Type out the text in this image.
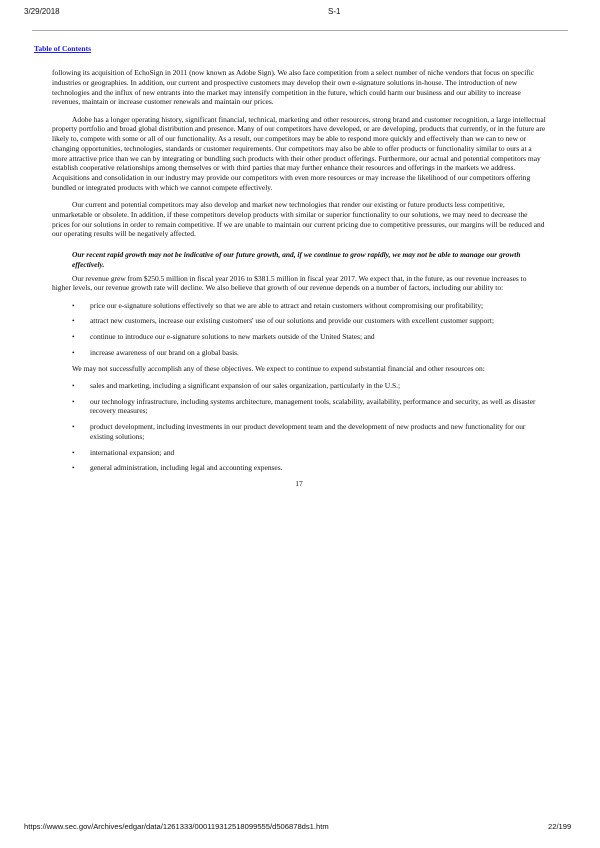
3/29/2018	S-1
Table of Contents

following its acquisition of EchoSign in 2011 (now known as Adobe Sign). We also face competition from a select number of niche vendors that focus on specific industries or geographies. In addition, our current and prospective customers may develop their own e-signature solutions in-house. The introduction of new technologies and the influx of new entrants into the market may intensify competition in the future, which could harm our business and our ability to increase revenues, maintain or increase customer renewals and maintain our prices.

Adobe has a longer operating history, significant financial, technical, marketing and other resources, strong brand and customer recognition, a large intellectual property portfolio and broad global distribution and presence. Many of our competitors have developed, or are developing, products that currently, or in the future are likely to, compete with some or all of our functionality. As a result, our competitors may be able to respond more quickly and effectively than we can to new or changing opportunities, technologies, standards or customer requirements. Our competitors may also be able to offer products or functionality similar to ours at a more attractive price than we can by integrating or bundling such products with their other product offerings. Furthermore, our actual and potential competitors may establish cooperative relationships among themselves or with third parties that may further enhance their resources and offerings in the markets we address. Acquisitions and consolidation in our industry may provide our competitors with even more resources or may increase the likelihood of our competitors offering bundled or integrated products with which we cannot compete effectively.

Our current and potential competitors may also develop and market new technologies that render our existing or future products less competitive, unmarketable or obsolete. In addition, if these competitors develop products with similar or superior functionality to our solutions, we may need to decrease the prices for our solutions in order to remain competitive. If we are unable to maintain our current pricing due to competitive pressures, our margins will be reduced and our operating results will be negatively affected.

Our recent rapid growth may not be indicative of our future growth, and, if we continue to grow rapidly, we may not be able to manage our growth effectively.

Our revenue grew from $250.5 million in fiscal year 2016 to $381.5 million in fiscal year 2017. We expect that, in the future, as our revenue increases to higher levels, our revenue growth rate will decline. We also believe that growth of our revenue depends on a number of factors, including our ability to:

• price our e-signature solutions effectively so that we are able to attract and retain customers without compromising our profitability;
• attract new customers, increase our existing customers' use of our solutions and provide our customers with excellent customer support;
• continue to introduce our e-signature solutions to new markets outside of the United States; and
• increase awareness of our brand on a global basis.

We may not successfully accomplish any of these objectives. We expect to continue to expend substantial financial and other resources on:

• sales and marketing, including a significant expansion of our sales organization, particularly in the U.S.;
• our technology infrastructure, including systems architecture, management tools, scalability, availability, performance and security, as well as disaster recovery measures;
• product development, including investments in our product development team and the development of new products and new functionality for our existing solutions;
• international expansion; and
• general administration, including legal and accounting expenses.
17
https://www.sec.gov/Archives/edgar/data/1261333/000119312518099555/d506878ds1.htm	22/199
